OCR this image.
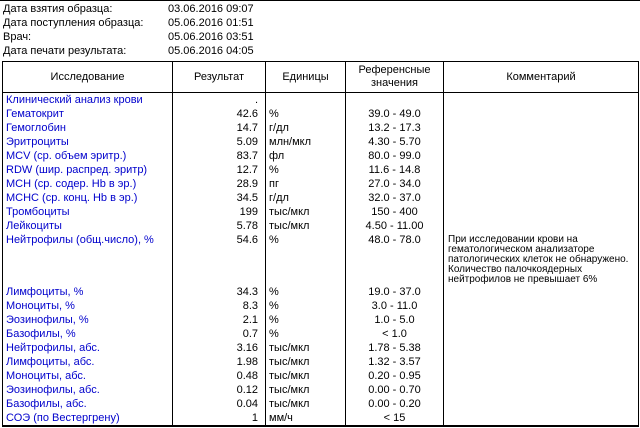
Дата взятия образца:	03.06.2016 09:07
Дата поступления образца: 05.06.2016 01:51
Врач:	05.06.2016 03:51
Дата печати результата:	05.06.2016 04:05
Исследование	Результат	Единицы	Референсные значения	Комментарий
Клинический анализ крови	.			
Гематокрит	42.6	%	39.0 - 49.0	
Гемоглобин	14.7	г/дл	13.2 - 17.3	
Эритроциты	5.09	млн/мкл	4.30 - 5.70	
MCV (ср. объем эритр.)	83.7	фл	80.0 - 99.0	
RDW (шир. распред. эритр)	12.7	%	11.6 - 14.8	
MCH (ср. содер. Hb в эр.)	28.9	пг	27.0 - 34.0	
MCHC (ср. конц. Hb в эр.)	34.5	г/дл	32.0 - 37.0	
Тромбоциты	199	тыс/мкл	150 - 400	
Лейкоциты	5.78	тыс/мкл	4.50 - 11.00	
Нейтрофилы (общ.число), %	54.6	%	48.0 - 78.0	При исследовании крови на гематологическом анализаторе патологических клеток не обнаружено. Количество палочкоядерных нейтрофилов не превышает 6%
Лимфоциты, %	34.3	%	19.0 - 37.0	
Моноциты, %	8.3	%	3.0 - 11.0	
Эозинофилы, %	2.1	%	1.0 - 5.0	
Базофилы, %	0.7	%	< 1.0	
Нейтрофилы, абс.	3.16	тыс/мкл	1.78 - 5.38	
Лимфоциты, абс.	1.98	тыс/мкл	1.32 - 3.57	
Моноциты, абс.	0.48	тыс/мкл	0.20 - 0.95	
Эозинофилы, абс.	0.12	тыс/мкл	0.00 - 0.70	
Базофилы, абс.	0.04	тыс/мкл	0.00 - 0.20	
СОЭ (по Вестергрену)	1	мм/ч	< 15	
